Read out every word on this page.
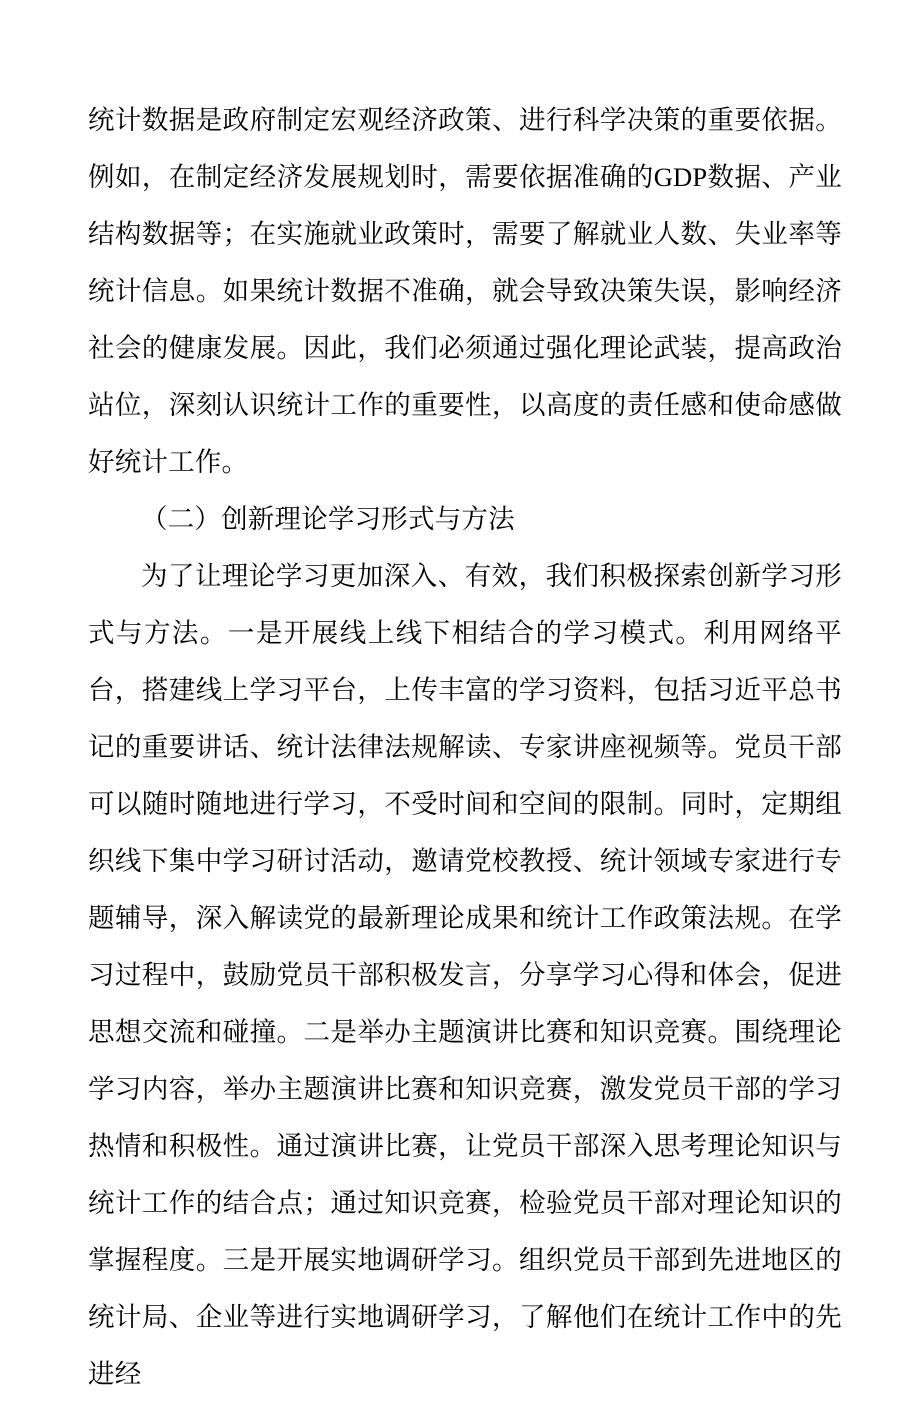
统计数据是政府制定宏观经济政策、进行科学决策的重要依据。例如，在制定经济发展规划时，需要依据准确的GDP数据、产业结构数据等；在实施就业政策时，需要了解就业人数、失业率等统计信息。如果统计数据不准确，就会导致决策失误，影响经济社会的健康发展。因此，我们必须通过强化理论武装，提高政治站位，深刻认识统计工作的重要性，以高度的责任感和使命感做好统计工作。

（二）创新理论学习形式与方法

为了让理论学习更加深入、有效，我们积极探索创新学习形式与方法。一是开展线上线下相结合的学习模式。利用网络平台，搭建线上学习平台，上传丰富的学习资料，包括习近平总书记的重要讲话、统计法律法规解读、专家讲座视频等。党员干部可以随时随地进行学习，不受时间和空间的限制。同时，定期组织线下集中学习研讨活动，邀请党校教授、统计领域专家进行专题辅导，深入解读党的最新理论成果和统计工作政策法规。在学习过程中，鼓励党员干部积极发言，分享学习心得和体会，促进思想交流和碰撞。二是举办主题演讲比赛和知识竞赛。围绕理论学习内容，举办主题演讲比赛和知识竞赛，激发党员干部的学习热情和积极性。通过演讲比赛，让党员干部深入思考理论知识与统计工作的结合点；通过知识竞赛，检验党员干部对理论知识的掌握程度。三是开展实地调研学习。组织党员干部到先进地区的统计局、企业等进行实地调研学习，了解他们在统计工作中的先进经
